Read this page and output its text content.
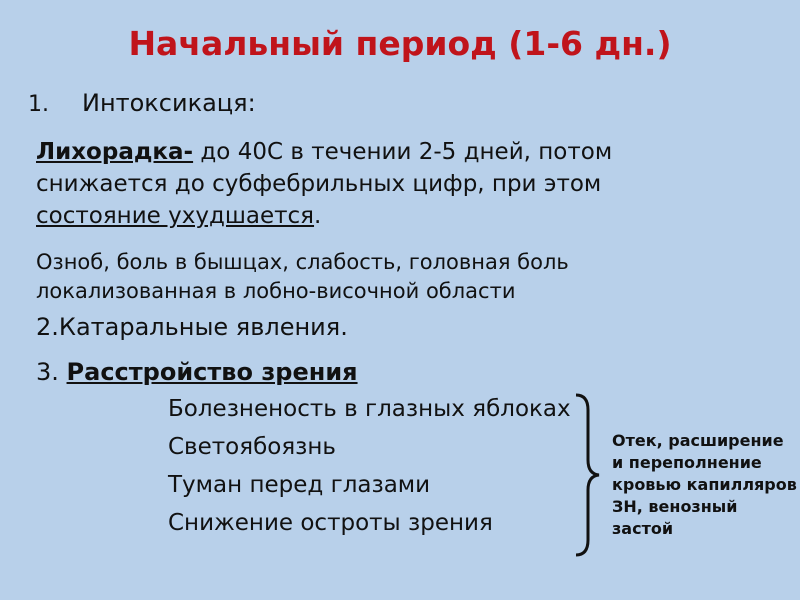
Начальный период (1-6 дн.)
1. Интоксикаця:
Лихорадка- до 40С в течении 2-5 дней, потом
снижается до субфебрильных цифр, при этом
состояние ухудшается.
Озноб, боль в бышцах, слабость, головная боль
локализованная в лобно-височной области
2.Катаральные явления.
3. Расстройство зрения
Болезненость в глазных яблоках
Светоябоязнь
Туман перед глазами
Снижение остроты зрения
Отек, расширение и переполнение кровью капилляров ЗН, венозный застой
